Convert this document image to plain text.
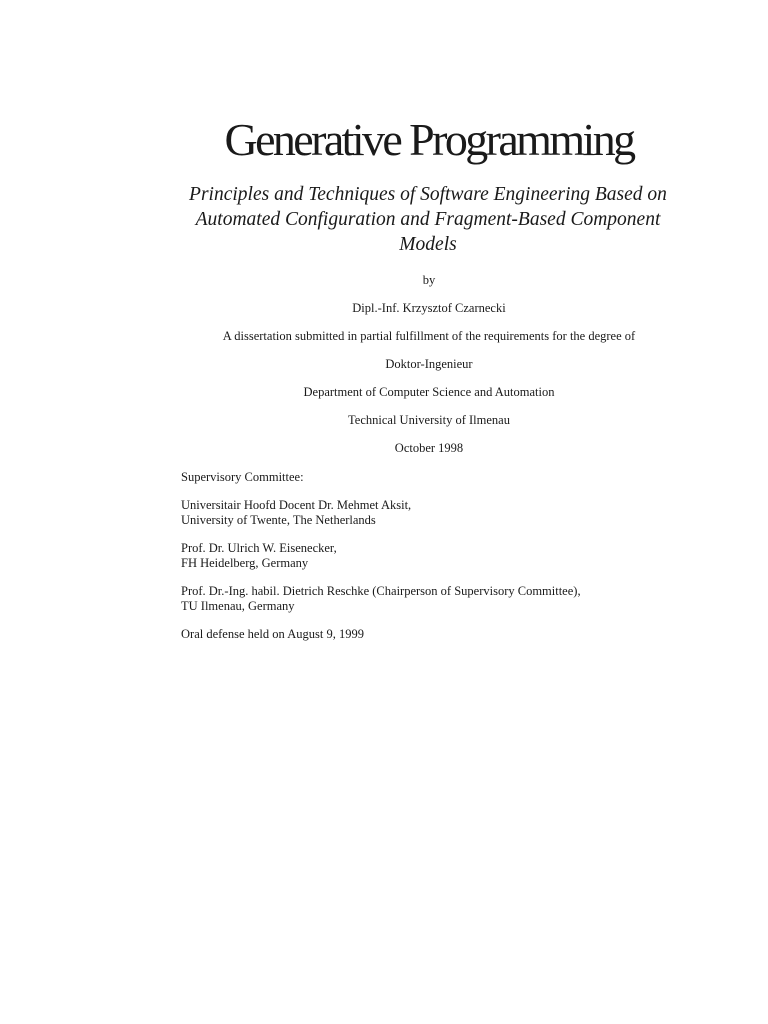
Generative Programming
Principles and Techniques of Software Engineering Based on Automated Configuration and Fragment-Based Component Models
by
Dipl.-Inf. Krzysztof Czarnecki
A dissertation submitted in partial fulfillment of the requirements for the degree of
Doktor-Ingenieur
Department of Computer Science and Automation
Technical University of Ilmenau
October 1998
Supervisory Committee:
Universitair Hoofd Docent Dr. Mehmet Aksit,
University of Twente, The Netherlands
Prof. Dr. Ulrich W. Eisenecker,
FH Heidelberg, Germany
Prof. Dr.-Ing. habil. Dietrich Reschke (Chairperson of Supervisory Committee),
TU Ilmenau, Germany
Oral defense held on August 9, 1999
